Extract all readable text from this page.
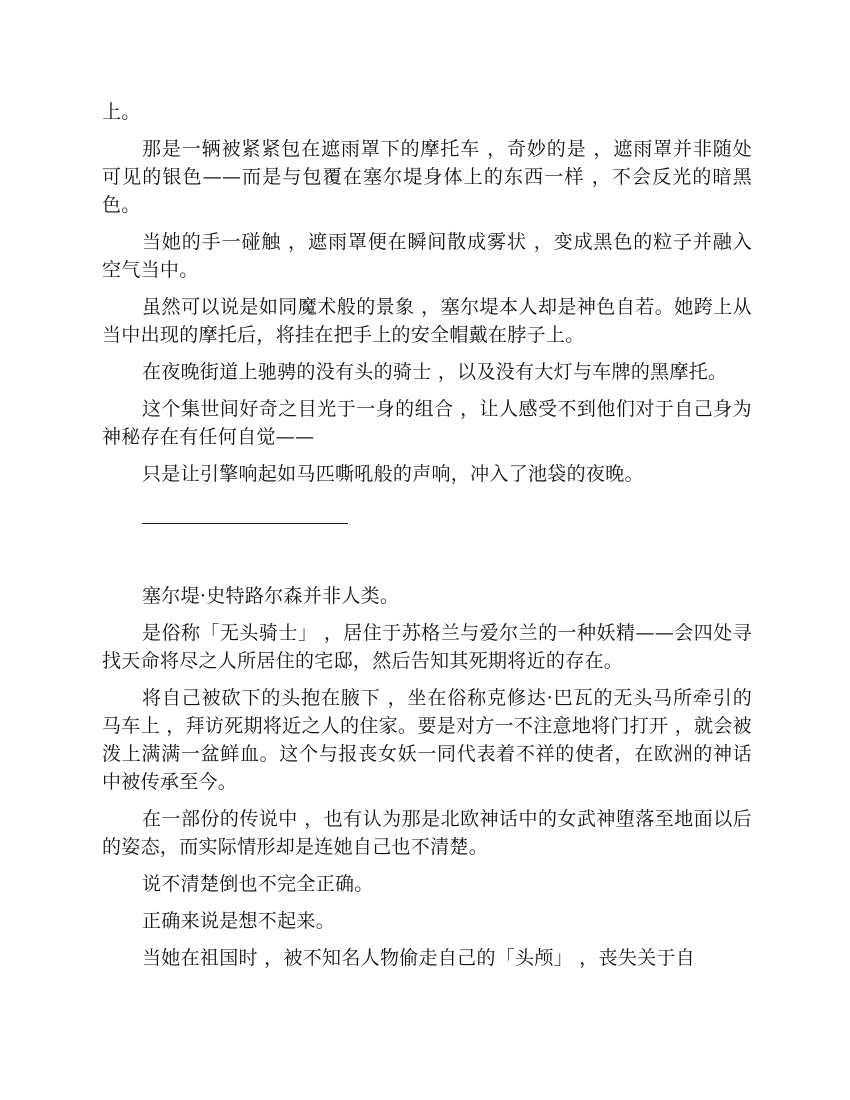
上。

那是一辆被紧紧包在遮雨罩下的摩托车 ，奇妙的是 ，遮雨罩并非随处可见的银色——而是与包覆在塞尔堤身体上的东西一样 ，不会反光的暗黑色。

当她的手一碰触 ，遮雨罩便在瞬间散成雾状 ，变成黑色的粒子并融入空气当中。

虽然可以说是如同魔术般的景象 ，塞尔堤本人却是神色自若。她跨上从当中出现的摩托后，将挂在把手上的安全帽戴在脖子上。

在夜晚街道上驰骋的没有头的骑士 ，以及没有大灯与车牌的黑摩托。

这个集世间好奇之目光于一身的组合 ，让人感受不到他们对于自己身为神秘存在有任何自觉——

只是让引擎响起如马匹嘶吼般的声响，冲入了池袋的夜晚。

塞尔堤·史特路尔森并非人类。

是俗称「无头骑士」 ，居住于苏格兰与爱尔兰的一种妖精——会四处寻找天命将尽之人所居住的宅邸，然后告知其死期将近的存在。

将自己被砍下的头抱在腋下 ，坐在俗称克修达·巴瓦的无头马所牵引的马车上 ，拜访死期将近之人的住家。要是对方一不注意地将门打开 ，就会被泼上满满一盆鲜血。这个与报丧女妖一同代表着不祥的使者，在欧洲的神话中被传承至今。

在一部份的传说中 ，也有认为那是北欧神话中的女武神堕落至地面以后的姿态，而实际情形却是连她自己也不清楚。

说不清楚倒也不完全正确。

正确来说是想不起来。

当她在祖国时 ，被不知名人物偷走自己的「头颅」 ，丧失关于自
